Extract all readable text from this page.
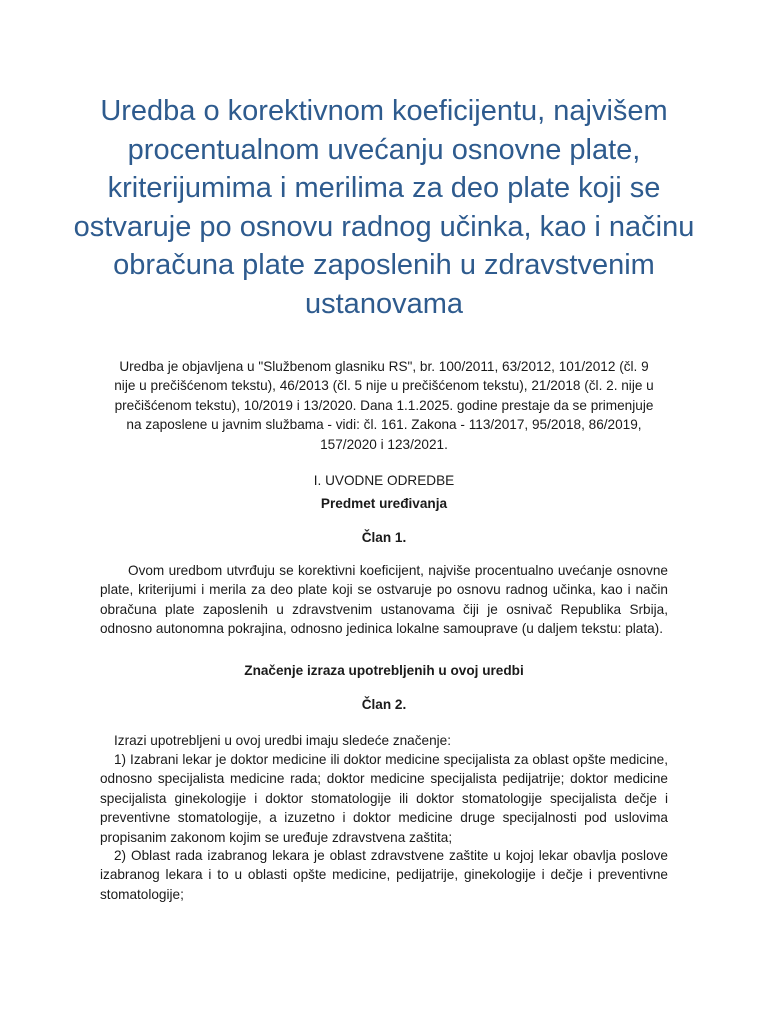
Uredba o korektivnom koeficijentu, najvišem procentualnom uvećanju osnovne plate, kriterijumima i merilima za deo plate koji se ostvaruje po osnovu radnog učinka, kao i načinu obračuna plate zaposlenih u zdravstvenim ustanovama

Uredba je objavljena u "Službenom glasniku RS", br. 100/2011, 63/2012, 101/2012 (čl. 9 nije u prečišćenom tekstu), 46/2013 (čl. 5 nije u prečišćenom tekstu), 21/2018 (čl. 2. nije u prečišćenom tekstu), 10/2019 i 13/2020. Dana 1.1.2025. godine prestaje da se primenjuje na zaposlene u javnim službama - vidi: čl. 161. Zakona - 113/2017, 95/2018, 86/2019, 157/2020 i 123/2021.

I. UVODNE ODREDBE

Predmet uređivanja

Član 1.

Ovom uredbom utvrđuju se korektivni koeficijent, najviše procentualno uvećanje osnovne plate, kriterijumi i merila za deo plate koji se ostvaruje po osnovu radnog učinka, kao i način obračuna plate zaposlenih u zdravstvenim ustanovama čiji je osnivač Republika Srbija, odnosno autonomna pokrajina, odnosno jedinica lokalne samouprave (u daljem tekstu: plata).

Značenje izraza upotrebljenih u ovoj uredbi

Član 2.

Izrazi upotrebljeni u ovoj uredbi imaju sledeće značenje:

1) Izabrani lekar je doktor medicine ili doktor medicine specijalista za oblast opšte medicine, odnosno specijalista medicine rada; doktor medicine specijalista pedijatrije; doktor medicine specijalista ginekologije i doktor stomatologije ili doktor stomatologije specijalista dečje i preventivne stomatologije, a izuzetno i doktor medicine druge specijalnosti pod uslovima propisanim zakonom kojim se uređuje zdravstvena zaštita;

2) Oblast rada izabranog lekara je oblast zdravstvene zaštite u kojoj lekar obavlja poslove izabranog lekara i to u oblasti opšte medicine, pedijatrije, ginekologije i dečje i preventivne stomatologije;
